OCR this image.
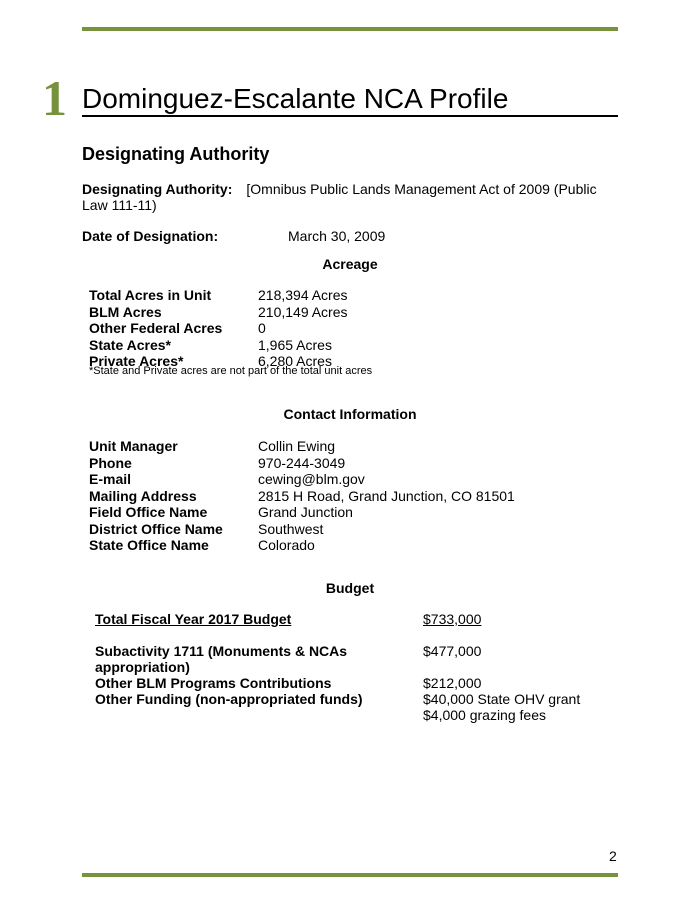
1 Dominguez-Escalante NCA Profile
Designating Authority
Designating Authority: [Omnibus Public Lands Management Act of 2009 (Public Law 111-11)
Date of Designation:	March 30, 2009
Acreage
Total Acres in Unit	218,394 Acres
BLM Acres	210,149 Acres
Other Federal Acres	0
State Acres*	1,965 Acres
Private Acres*	6,280 Acres
*State and Private acres are not part of the total unit acres
Contact Information
Unit Manager	Collin Ewing
Phone	970-244-3049
E-mail	cewing@blm.gov
Mailing Address	2815 H Road, Grand Junction, CO 81501
Field Office Name	Grand Junction
District Office Name	Southwest
State Office Name	Colorado
Budget
Total Fiscal Year 2017 Budget	$733,000
Subactivity 1711 (Monuments & NCAs appropriation)
$477,000
Other BLM Programs Contributions	$212,000
Other Funding (non-appropriated funds)	$40,000 State OHV grant
$4,000 grazing fees
2
